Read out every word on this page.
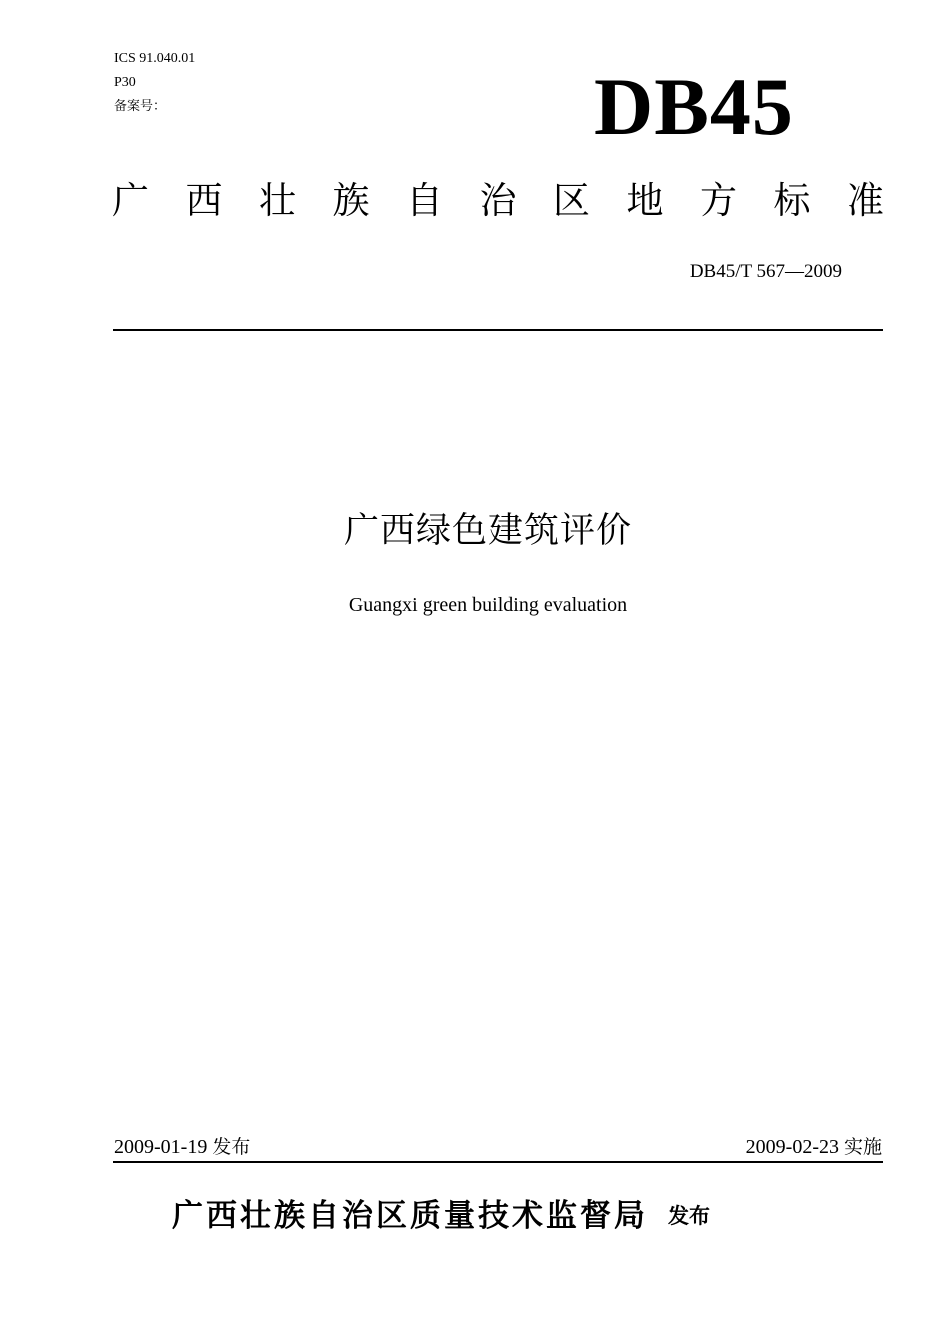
ICS 91.040.01
P30
备案号：	DB45
广 西 壮 族 自 治 区 地 方 标 准
DB45/T 567—2009
广西绿色建筑评价
Guangxi green building evaluation
2009-01-19 发布	2009-02-23 实施
广西壮族自治区质量技术监督局 发布
